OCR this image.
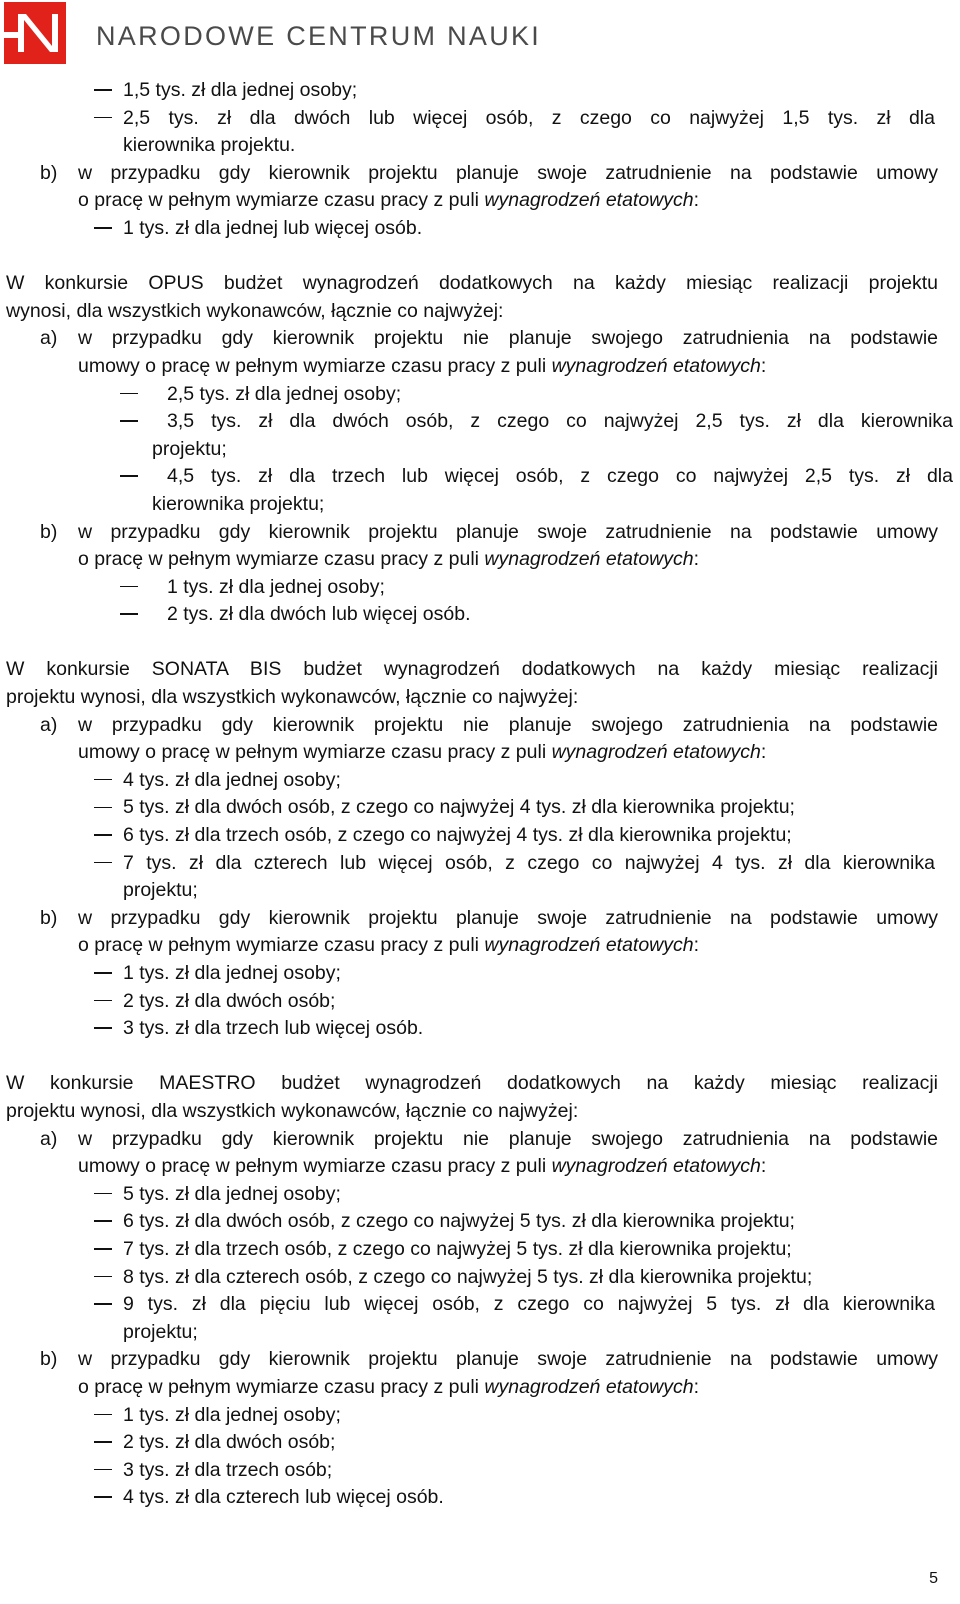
NARODOWE CENTRUM NAUKI
1,5 tys. zł dla jednej osoby;
2,5 tys. zł dla dwóch lub więcej osób, z czego co najwyżej 1,5 tys. zł dla
kierownika projektu.
b)	w przypadku gdy kierownik projektu planuje swoje zatrudnienie na podstawie umowy
o pracę w pełnym wymiarze czasu pracy z puli wynagrodzeń etatowych:
1 tys. zł dla jednej lub więcej osób.
W konkursie OPUS budżet wynagrodzeń dodatkowych na każdy miesiąc realizacji projektu
wynosi, dla wszystkich wykonawców, łącznie co najwyżej:
a)	w przypadku gdy kierownik projektu nie planuje swojego zatrudnienia na podstawie
umowy o pracę w pełnym wymiarze czasu pracy z puli wynagrodzeń etatowych:
2,5 tys. zł dla jednej osoby;
3,5 tys. zł dla dwóch osób, z czego co najwyżej 2,5 tys. zł dla kierownika
projektu;
4,5 tys. zł dla trzech lub więcej osób, z czego co najwyżej 2,5 tys. zł dla
kierownika projektu;
b)	w przypadku gdy kierownik projektu planuje swoje zatrudnienie na podstawie umowy
o pracę w pełnym wymiarze czasu pracy z puli wynagrodzeń etatowych:
1 tys. zł dla jednej osoby;
2 tys. zł dla dwóch lub więcej osób.
W konkursie SONATA BIS budżet wynagrodzeń dodatkowych na każdy miesiąc realizacji
projektu wynosi, dla wszystkich wykonawców, łącznie co najwyżej:
a)	w przypadku gdy kierownik projektu nie planuje swojego zatrudnienia na podstawie
umowy o pracę w pełnym wymiarze czasu pracy z puli wynagrodzeń etatowych:
4 tys. zł dla jednej osoby;
5 tys. zł dla dwóch osób, z czego co najwyżej 4 tys. zł dla kierownika projektu;
6 tys. zł dla trzech osób, z czego co najwyżej 4 tys. zł dla kierownika projektu;
7 tys. zł dla czterech lub więcej osób, z czego co najwyżej 4 tys. zł dla kierownika
projektu;
b)	w przypadku gdy kierownik projektu planuje swoje zatrudnienie na podstawie umowy
o pracę w pełnym wymiarze czasu pracy z puli wynagrodzeń etatowych:
1 tys. zł dla jednej osoby;
2 tys. zł dla dwóch osób;
3 tys. zł dla trzech lub więcej osób.
W konkursie MAESTRO budżet wynagrodzeń dodatkowych na każdy miesiąc realizacji
projektu wynosi, dla wszystkich wykonawców, łącznie co najwyżej:
a)	w przypadku gdy kierownik projektu nie planuje swojego zatrudnienia na podstawie
umowy o pracę w pełnym wymiarze czasu pracy z puli wynagrodzeń etatowych:
5 tys. zł dla jednej osoby;
6 tys. zł dla dwóch osób, z czego co najwyżej 5 tys. zł dla kierownika projektu;
7 tys. zł dla trzech osób, z czego co najwyżej 5 tys. zł dla kierownika projektu;
8 tys. zł dla czterech osób, z czego co najwyżej 5 tys. zł dla kierownika projektu;
9 tys. zł dla pięciu lub więcej osób, z czego co najwyżej 5 tys. zł dla kierownika
projektu;
b)	w przypadku gdy kierownik projektu planuje swoje zatrudnienie na podstawie umowy
o pracę w pełnym wymiarze czasu pracy z puli wynagrodzeń etatowych:
1 tys. zł dla jednej osoby;
2 tys. zł dla dwóch osób;
3 tys. zł dla trzech osób;
4 tys. zł dla czterech lub więcej osób.
5
